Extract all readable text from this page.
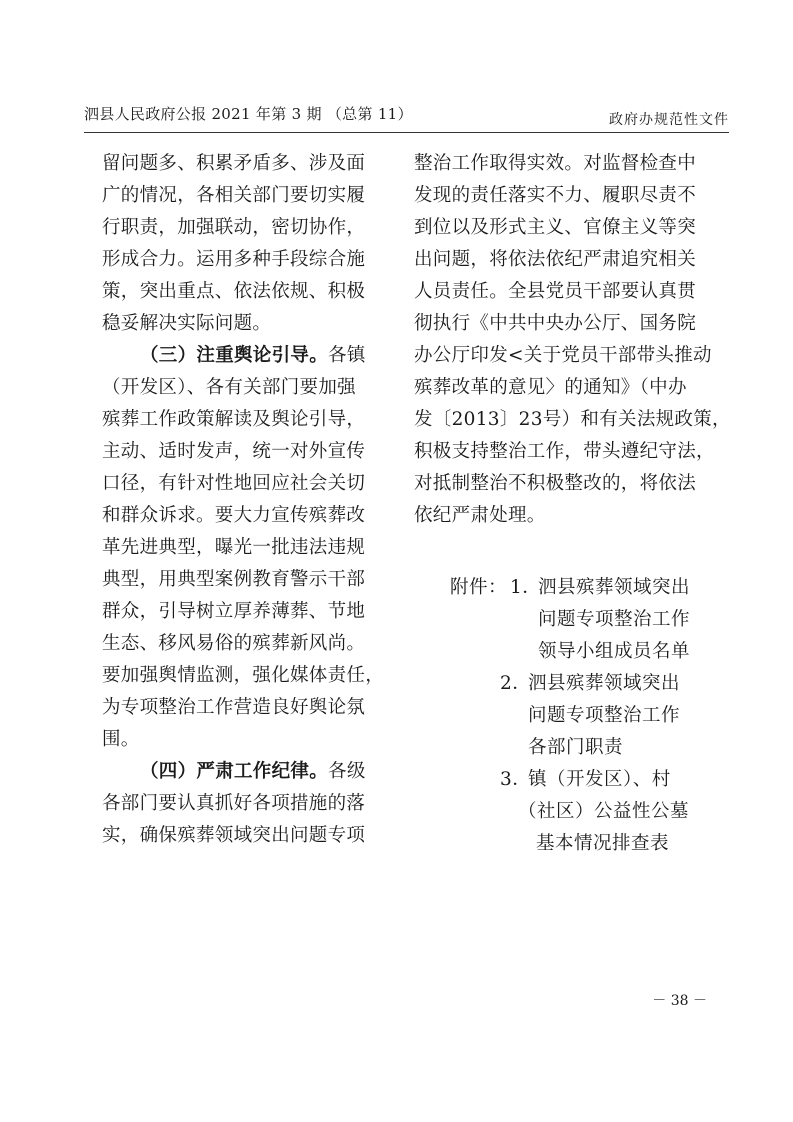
泗县人民政府公报 2021 年第 3 期 （总第 11）	政府办规范性文件
留问题多、积累矛盾多、涉及面
广的情况，各相关部门要切实履
行职责，加强联动，密切协作，
形成合力。运用多种手段综合施
策，突出重点、依法依规、积极
稳妥解决实际问题。
（三）注重舆论引导。各镇
（开发区）、各有关部门要加强
殡葬工作政策解读及舆论引导，
主动、适时发声，统一对外宣传
口径，有针对性地回应社会关切
和群众诉求。要大力宣传殡葬改
革先进典型，曝光一批违法违规
典型，用典型案例教育警示干部
群众，引导树立厚养薄葬、节地
生态、移风易俗的殡葬新风尚。
要加强舆情监测，强化媒体责任，
为专项整治工作营造良好舆论氛
围。
（四）严肃工作纪律。各级
各部门要认真抓好各项措施的落
实，确保殡葬领域突出问题专项
整治工作取得实效。对监督检查中
发现的责任落实不力、履职尽责不
到位以及形式主义、官僚主义等突
出问题，将依法依纪严肃追究相关
人员责任。全县党员干部要认真贯
彻执行《中共中央办公厅、国务院
办公厅印发<关于党员干部带头推动
殡葬改革的意见〉的通知》（中办
发〔2013〕23号）和有关法规政策，
积极支持整治工作，带头遵纪守法，
对抵制整治不积极整改的，将依法
依纪严肃处理。
附件： 1．
泗县殡葬领域突出
问题专项整治工作
领导小组成员名单
2．
泗县殡葬领域突出
问题专项整治工作
各部门职责
3．
镇（开发区）、村
（社区）公益性公墓
基本情况排查表
－ 38 －
